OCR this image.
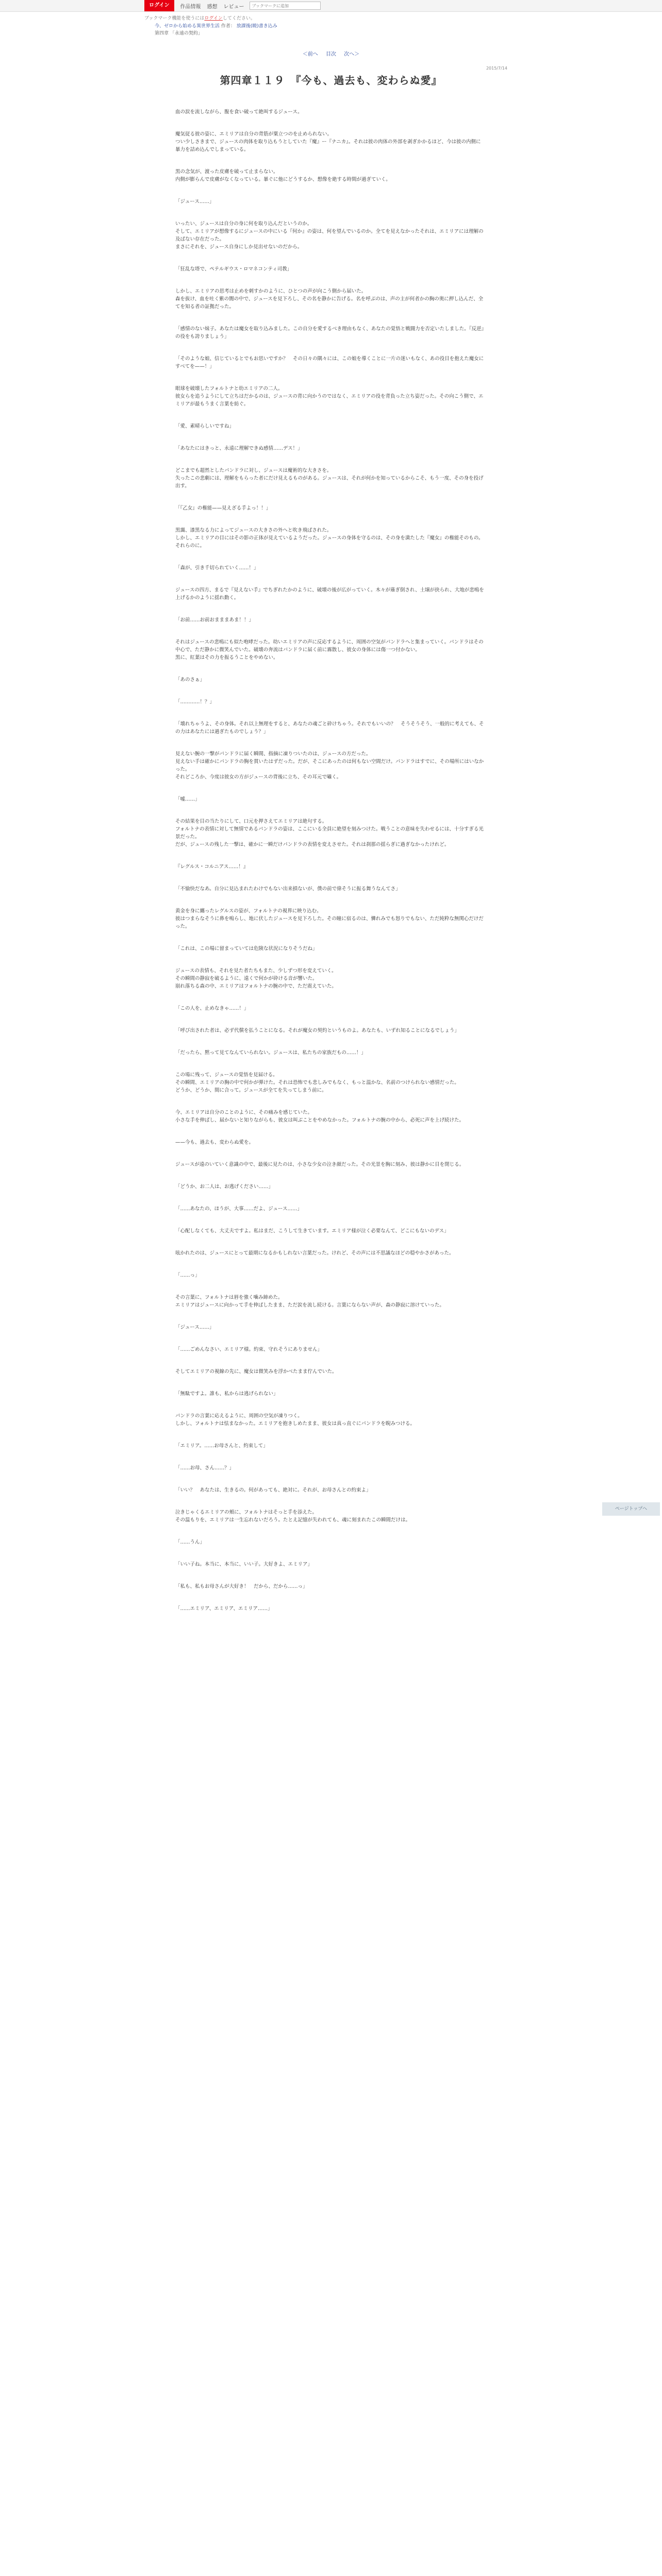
ログイン	作品情報 感想 レビュー
ブックマークに追加
ブックマーク機能を使うにはログインしてください。
今、ゼロから始める異世界生活 作者： 放課後(暁)書き込み
第四章 「永遠の契約」
＜前へ 目次 次へ＞
2015/7/14
第四章１１９　『今も、過去も、変わらぬ愛』

血の涙を流しながら、腹を食い破って絶叫するジュース。

魔気従る彼の姿に、エミリアは自分の背筋が粟立つのを止められない。
つい少しさきまで、ジュースの肉体を取り込もうとしていた『魔』ー『ナニカ』。それは彼の肉体の外部を剥ぎかかるほど、今は彼の内側に暴力を詰め込んでしまっている。

黒の念気が、渡った皮膚を破って止まらない。
内側が膨らんで皮膚がなくなっている。暴ぐに他にどうするか、想像を絶する時間が過ぎていく。

「ジュース……」

いったい、ジュースは自分の身に何を取り込んだというのか。
そして、エミリアが想像するにジュースの中にいる『何か』の姿は、何を望んでいるのか。全てを見えなかったそれは、エミリアには理解の及ばない存在だった。
まさにそれを、ジュース自身にしか見出せないのだから。

「狂乱な塔で、ペテルギウス・ロマネコンティ司教」

しかし、エミリアの思考は止めを刺すかのように、ひとつの声が向こう側から届いた。
森を抜け、血を吐く紫の闇の中で、ジュースを見下ろし、その名を静かに告げる。名を呼ぶのは、声の主が何者かの胸の奥に押し込んだ、全てを知る者の証拠だった。

「感情のない妹子。あなたは魔女を取り込みました。この自分を愛するべき理由もなく、あなたの覚悟と戦闘力を否定いたしました。『反逆』の役をも誇りましょう」

「そのような娘、信じているとでもお思いですか？　その日々の隅々には、この娘を導くことに一片の迷いもなく、あの役目を抱えた魔女にすべてを——！」

眼球を破壊したフォルトナと幼エミリアの二人。
彼女らを追うようにして立ちはだかるのは、ジュースの背に向かうのではなく、エミリアの役を背負った立ち姿だった。その向こう側で、エミリアが最もうまく言葉を紡ぐ。

「愛、素晴らしいですね」

「あなたにはきっと、永遠に理解できぬ感情……デス！」

どこまでも超然としたパンドラに対し、ジュースは魔術的な大きさを。
失ったこの悲劇には、理解をもらった者にだけ見えるものがある。ジュースは、それが何かを知っているからこそ、もう一度、その身を投げ出す。

「『乙女』の権能——見えざる手よっ！！」

黒靄、漆黒なる力によってジュースの大きさの外へと吹き飛ばされた。
しかし、エミリアの目にはその影の正体が見えているようだった。ジュースの身体を守るのは、その身を満たした『魔女』の権能そのもの。
それらのに。

「森が、引き千切られていく……！」

ジュースの四方、まるで『見えない手』でちぎれたかのように、破壊の後が広がっていく。木々が薙ぎ倒され、土壌が抉られ、大地が悲鳴を上げるかのように揺れ動く。

「お前……お前おまままあま！！」

それはジュースの悲鳴にも似た咆哮だった。幼いエミリアの声に反応するように、周囲の空気がパンドラへと集まっていく。パンドラはその中心で、ただ静かに微笑んでいた。破壊の奔流はパンドラに届く前に霧散し、彼女の身体には傷一つ付かない。
黒に、紅葉はその力を振るうことをやめない。

「あのさぁ」

「…………！？」

「壊れちゃうよ、その身体。それ以上無理をすると、あなたの魂ごと砕けちゃう。それでもいいの？　そうそうそう、一般的に考えても、その力はあなたには過ぎたものでしょう？」

見えない腕の一撃がパンドラに届く瞬間、指摘に凍りついたのは、ジュースの方だった。
見えない手は確かにパンドラの胸を貫いたはずだった。だが、そこにあったのは何もない空間だけ。パンドラはすでに、その場所にはいなかった。
それどころか、今度は彼女の方がジュースの背後に立ち、その耳元で囁く。

「嘘……」

その結果を目の当たりにして、口元を押さえてエミリアは絶句する。
フォルトナの表情に対して無情であるパンドラの姿は、ここにいる全員に絶望を刻みつけた。戦うことの意味を失わせるには、十分すぎる光景だった。
だが、ジュースの残した一撃は、確かに一瞬だけパンドラの表情を変えさせた。それは刹那の揺らぎに過ぎなかったけれど。

『レグルス・コルニアス……！』

「不愉快だなあ。自分に見込まれたわけでもない出来損ないが、僕の前で偉そうに振る舞うなんてさ」

黄金を身に纏ったレグルスの姿が、フォルトナの視界に映り込む。
彼はつまらなそうに鼻を鳴らし、地に伏したジュースを見下ろした。その瞳に宿るのは、憐れみでも怒りでもない、ただ純粋な無関心だけだった。

「これは、この場に留まっていては危険な状況になりそうだね」

ジュースの表情も、それを見た者たちもまた、少しずつ形を変えていく。
その瞬間の静寂を破るように、遠くで何かが砕ける音が響いた。
崩れ落ちる森の中、エミリアはフォルトナの腕の中で、ただ震えていた。

「この人を、止めなきゃ……！」

「呼び出された者は、必ず代償を払うことになる。それが魔女の契約というものよ。あなたも、いずれ知ることになるでしょう」

「だったら、黙って見てなんていられない。ジュースは、私たちの家族だもの……！」

この場に残って、ジュースの覚悟を見届ける。
その瞬間、エミリアの胸の中で何かが弾けた。それは恐怖でも悲しみでもなく、もっと温かな、名前のつけられない感情だった。
どうか、どうか、間に合って。ジュースが全てを失ってしまう前に。

今、エミリアは自分のことのように、その痛みを感じていた。
小さな手を伸ばし、届かないと知りながらも、彼女は叫ぶことをやめなかった。フォルトナの腕の中から、必死に声を上げ続けた。

——今も、過去も、変わらぬ愛を。

ジュースが遠のいていく意識の中で、最後に見たのは、小さな少女の泣き顔だった。その光景を胸に刻み、彼は静かに目を閉じる。

「どうか、お二人は、お逃げください……」

「……あなたの、ほうが、大事……だよ、ジュース……」

「心配しなくても、大丈夫ですよ。私はまだ、こうして生きています。エミリア様が泣く必要なんて、どこにもないのデス」

呟かれたのは、ジュースにとって最期になるかもしれない言葉だった。けれど、その声には不思議なほどの穏やかさがあった。

「……っ」

その言葉に、フォルトナは唇を強く噛み締めた。
エミリアはジュースに向かって手を伸ばしたまま、ただ涙を流し続ける。言葉にならない声が、森の静寂に溶けていった。

「ジュース……」

「……ごめんなさい、エミリア様。約束、守れそうにありません」

そしてエミリアの視線の先に、魔女は微笑みを浮かべたまま佇んでいた。

「無駄ですよ。誰も、私からは逃げられない」

パンドラの言葉に応えるように、周囲の空気が凍りつく。
しかし、フォルトナは怯まなかった。エミリアを抱きしめたまま、彼女は真っ直ぐにパンドラを睨みつける。

「エミリア。……お母さんと、約束して」

「……お母、さん……？」

「いい？　あなたは、生きるの。何があっても、絶対に。それが、お母さんとの約束よ」

泣きじゃくるエミリアの頬に、フォルトナはそっと手を添えた。
その温もりを、エミリアは一生忘れないだろう。たとえ記憶が失われても、魂に刻まれたこの瞬間だけは。

「……うん」

「いい子ね。本当に、本当に、いい子。大好きよ、エミリア」

「私も、私もお母さんが大好き！　だから、だから……っ」

「……エミリア、エミリア、エミリア……」

ページトップへ
